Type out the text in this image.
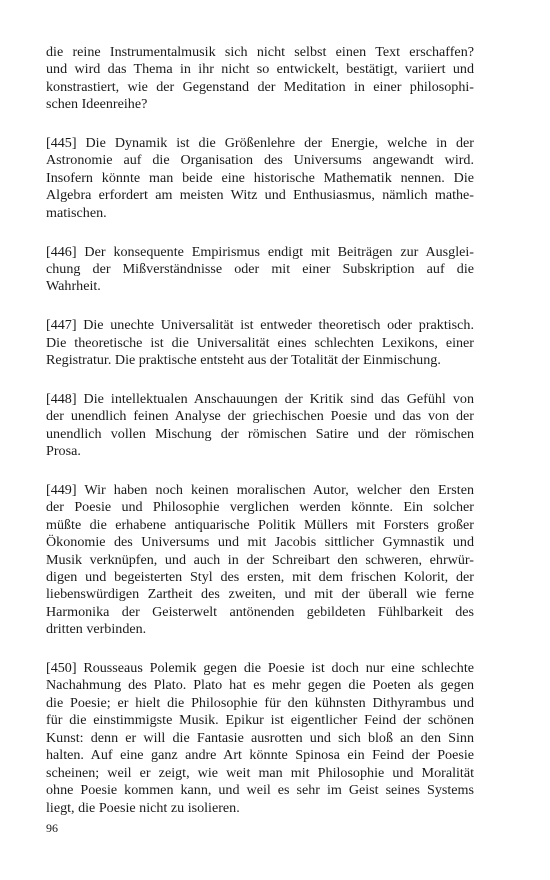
die reine Instrumentalmusik sich nicht selbst einen Text erschaffen?
und wird das Thema in ihr nicht so entwickelt, bestätigt, variiert und
konstrastiert, wie der Gegenstand der Meditation in einer philosophi-
schen Ideenreihe?

[445] Die Dynamik ist die Größenlehre der Energie, welche in der
Astronomie auf die Organisation des Universums angewandt wird.
Insofern könnte man beide eine historische Mathematik nennen. Die
Algebra erfordert am meisten Witz und Enthusiasmus, nämlich mathe-
matischen.

[446] Der konsequente Empirismus endigt mit Beiträgen zur Ausglei-
chung der Mißverständnisse oder mit einer Subskription auf die
Wahrheit.

[447] Die unechte Universalität ist entweder theoretisch oder praktisch.
Die theoretische ist die Universalität eines schlechten Lexikons, einer
Registratur. Die praktische entsteht aus der Totalität der Einmischung.

[448] Die intellektualen Anschauungen der Kritik sind das Gefühl von
der unendlich feinen Analyse der griechischen Poesie und das von der
unendlich vollen Mischung der römischen Satire und der römischen
Prosa.

[449] Wir haben noch keinen moralischen Autor, welcher den Ersten
der Poesie und Philosophie verglichen werden könnte. Ein solcher
müßte die erhabene antiquarische Politik Müllers mit Forsters großer
Ökonomie des Universums und mit Jacobis sittlicher Gymnastik und
Musik verknüpfen, und auch in der Schreibart den schweren, ehrwür-
digen und begeisterten Styl des ersten, mit dem frischen Kolorit, der
liebenswürdigen Zartheit des zweiten, und mit der überall wie ferne
Harmonika der Geisterwelt antönenden gebildeten Fühlbarkeit des
dritten verbinden.

[450] Rousseaus Polemik gegen die Poesie ist doch nur eine schlechte
Nachahmung des Plato. Plato hat es mehr gegen die Poeten als gegen
die Poesie; er hielt die Philosophie für den kühnsten Dithyrambus und
für die einstimmigste Musik. Epikur ist eigentlicher Feind der schönen
Kunst: denn er will die Fantasie ausrotten und sich bloß an den Sinn
halten. Auf eine ganz andre Art könnte Spinosa ein Feind der Poesie
scheinen; weil er zeigt, wie weit man mit Philosophie und Moralität
ohne Poesie kommen kann, und weil es sehr im Geist seines Systems
liegt, die Poesie nicht zu isolieren.

96
